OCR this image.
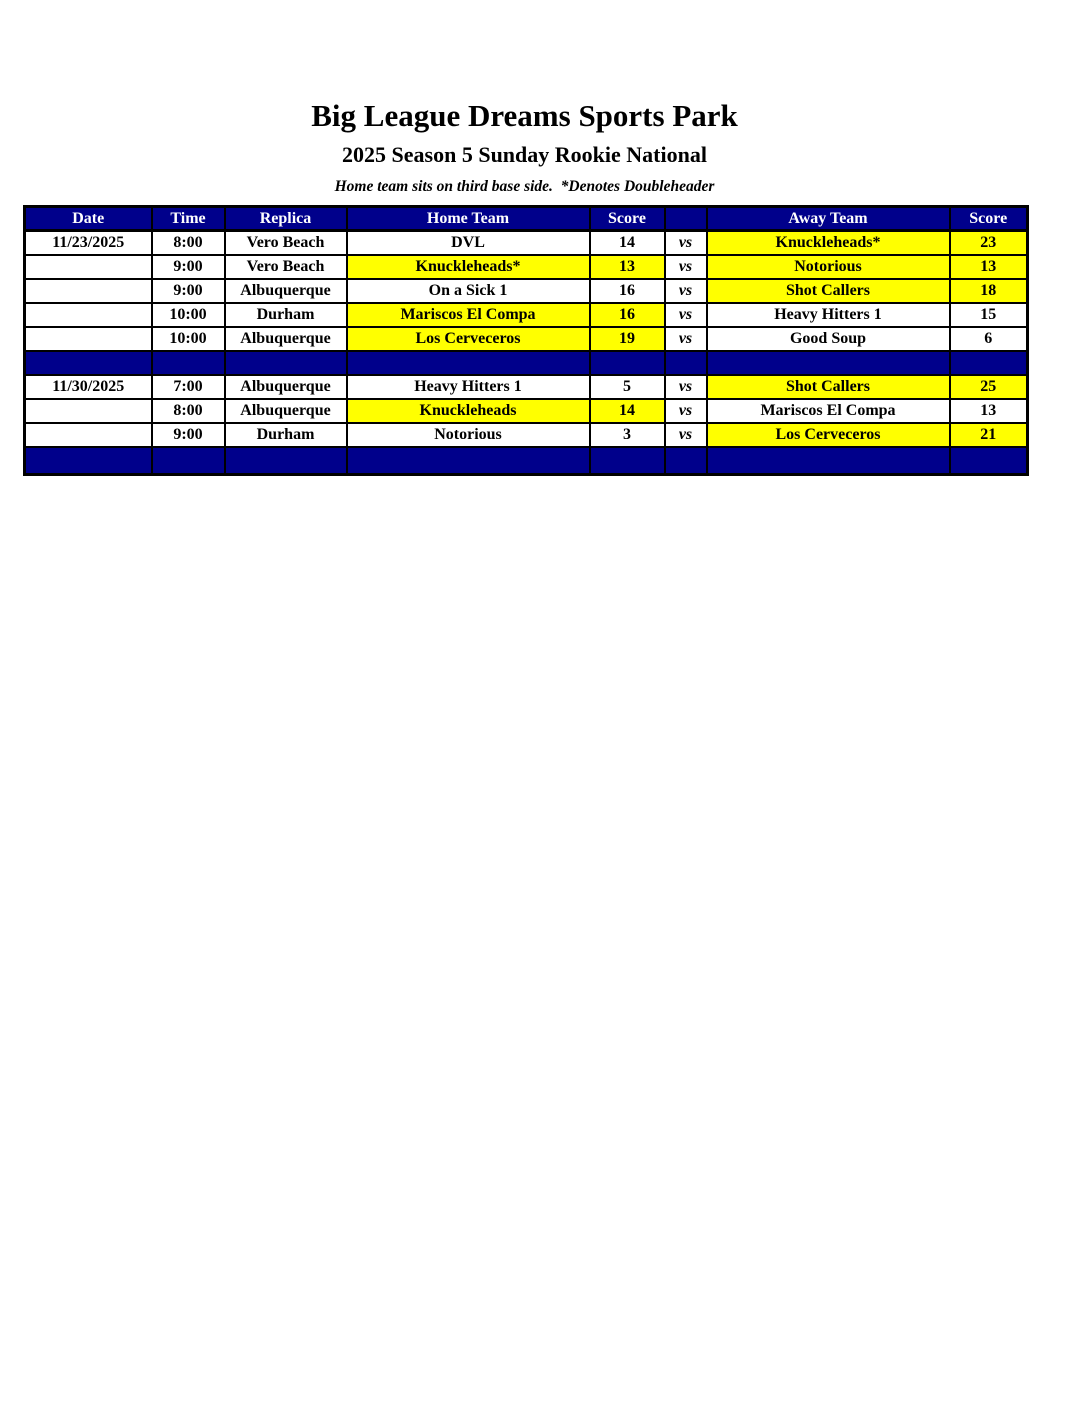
Big League Dreams Sports Park
2025 Season 5 Sunday Rookie National
Home team sits on third base side.  *Denotes Doubleheader
Date	Time	Replica	Home Team	Score		Away Team	Score
11/23/2025	8:00	Vero Beach	DVL	14	vs	Knuckleheads*	23
	9:00	Vero Beach	Knuckleheads*	13	vs	Notorious	13
	9:00	Albuquerque	On a Sick 1	16	vs	Shot Callers	18
	10:00	Durham	Mariscos El Compa	16	vs	Heavy Hitters 1	15
	10:00	Albuquerque	Los Cerveceros	19	vs	Good Soup	6

11/30/2025	7:00	Albuquerque	Heavy Hitters 1	5	vs	Shot Callers	25
	8:00	Albuquerque	Knuckleheads	14	vs	Mariscos El Compa	13
	9:00	Durham	Notorious	3	vs	Los Cerveceros	21
